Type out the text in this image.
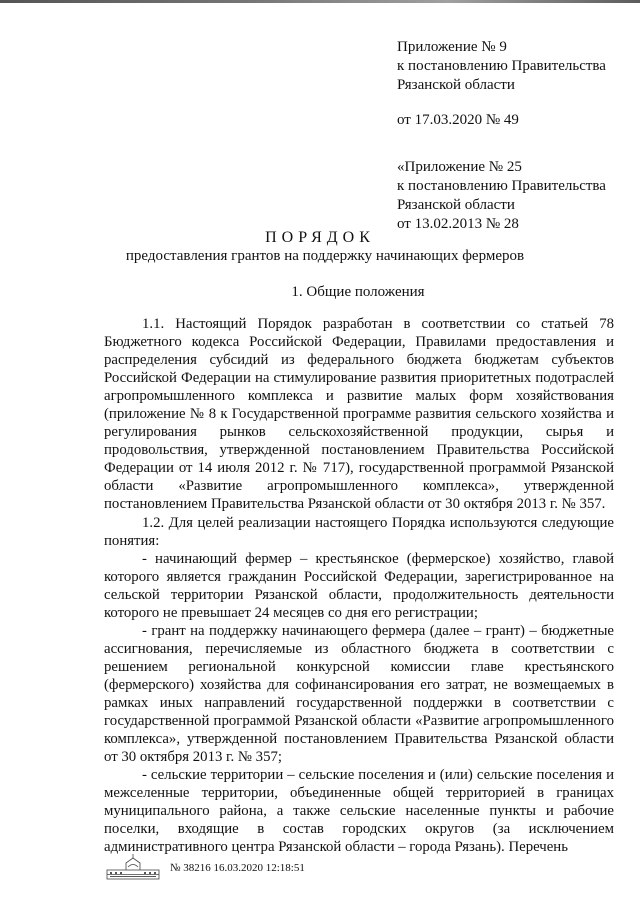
Приложение № 9

к постановлению Правительства

Рязанской области

от 17.03.2020 № 49

«Приложение № 25

к постановлению Правительства

Рязанской области

от 13.02.2013 № 28

ПОРЯДОК
предоставления грантов на поддержку начинающих фермеров
1. Общие положения

1.1. Настоящий Порядок разработан в соответствии со статьей 78 Бюджетного кодекса Российской Федерации, Правилами предоставления и распределения субсидий из федерального бюджета бюджетам субъектов Российской Федерации на стимулирование развития приоритетных подотраслей агропромышленного комплекса и развитие малых форм хозяйствования (приложение № 8 к Государственной программе развития сельского хозяйства и регулирования рынков сельскохозяйственной продукции, сырья и продовольствия, утвержденной постановлением Правительства Российской Федерации от 14 июля 2012 г. № 717), государственной программой Рязанской области «Развитие агропромышленного комплекса», утвержденной постановлением Правительства Рязанской области от 30 октября 2013 г. № 357.

1.2. Для целей реализации настоящего Порядка используются следующие понятия:

- начинающий фермер – крестьянское (фермерское) хозяйство, главой которого является гражданин Российской Федерации, зарегистрированное на сельской территории Рязанской области, продолжительность деятельности которого не превышает 24 месяцев со дня его регистрации;

- грант на поддержку начинающего фермера (далее – грант) – бюджетные ассигнования, перечисляемые из областного бюджета в соответствии с решением региональной конкурсной комиссии главе крестьянского (фермерского) хозяйства для софинансирования его затрат, не возмещаемых в рамках иных направлений государственной поддержки в соответствии с государственной программой Рязанской области «Развитие агропромышленного комплекса», утвержденной постановлением Правительства Рязанской области от 30 октября 2013 г. № 357;

- сельские территории – сельские поселения и (или) сельские поселения и межселенные территории, объединенные общей территорией в границах муниципального района, а также сельские населенные пункты и рабочие поселки, входящие в состав городских округов (за исключением административного центра Рязанской области – города Рязань). Перечень

№ 38216 16.03.2020 12:18:51
